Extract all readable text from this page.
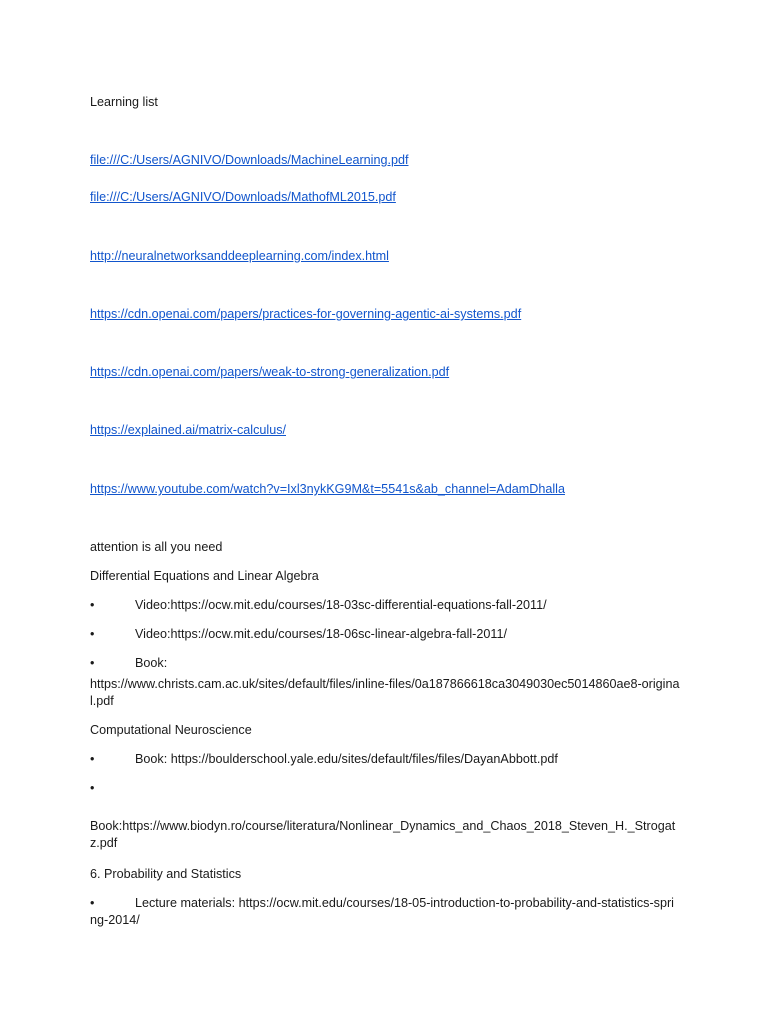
Learning list
file:///C:/Users/AGNIVO/Downloads/MachineLearning.pdf
file:///C:/Users/AGNIVO/Downloads/MathofML2015.pdf
http://neuralnetworksanddeeplearning.com/index.html
https://cdn.openai.com/papers/practices-for-governing-agentic-ai-systems.pdf
https://cdn.openai.com/papers/weak-to-strong-generalization.pdf
https://explained.ai/matrix-calculus/
https://www.youtube.com/watch?v=Ixl3nykKG9M&t=5541s&ab_channel=AdamDhalla
attention is all you need
Differential Equations and Linear Algebra
•	Video:https://ocw.mit.edu/courses/18-03sc-differential-equations-fall-2011/
•	Video:https://ocw.mit.edu/courses/18-06sc-linear-algebra-fall-2011/
•	Book:
https://www.christs.cam.ac.uk/sites/default/files/inline-files/0a187866618ca3049030ec5014860ae8-original.pdf
Computational Neuroscience
•	Book: https://boulderschool.yale.edu/sites/default/files/files/DayanAbbott.pdf
•
Book:https://www.biodyn.ro/course/literatura/Nonlinear_Dynamics_and_Chaos_2018_Steven_H._Strogatz.pdf
6. Probability and Statistics
•	Lecture materials: https://ocw.mit.edu/courses/18-05-introduction-to-probability-and-statistics-spring-2014/
